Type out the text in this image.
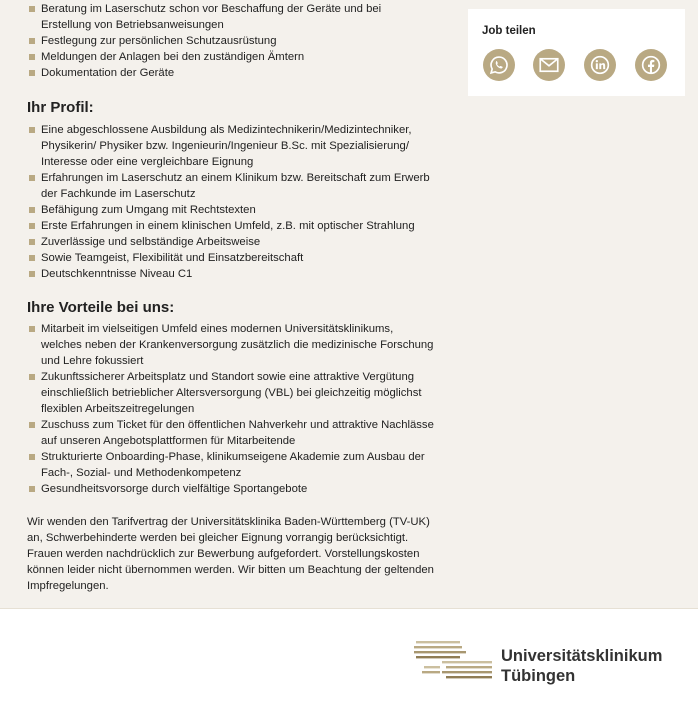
Beratung im Laserschutz schon vor Beschaffung der Geräte und bei Erstellung von Betriebsanweisungen
Festlegung zur persönlichen Schutzausrüstung
Meldungen der Anlagen bei den zuständigen Ämtern
Dokumentation der Geräte
Ihr Profil:
Eine abgeschlossene Ausbildung als Medizintechnikerin/Medizintechniker, Physikerin/ Physiker bzw. Ingenieurin/Ingenieur B.Sc. mit Spezialisierung/ Interesse oder eine vergleichbare Eignung
Erfahrungen im Laserschutz an einem Klinikum bzw. Bereitschaft zum Erwerb der Fachkunde im Laserschutz
Befähigung zum Umgang mit Rechtstexten
Erste Erfahrungen in einem klinischen Umfeld, z.B. mit optischer Strahlung
Zuverlässige und selbständige Arbeitsweise
Sowie Teamgeist, Flexibilität und Einsatzbereitschaft
Deutschkenntnisse Niveau C1
Ihre Vorteile bei uns:
Mitarbeit im vielseitigen Umfeld eines modernen Universitätsklinikums, welches neben der Krankenversorgung zusätzlich die medizinische Forschung und Lehre fokussiert
Zukunftssicherer Arbeitsplatz und Standort sowie eine attraktive Vergütung einschließlich betrieblicher Altersversorgung (VBL) bei gleichzeitig möglichst flexiblen Arbeitszeitregelungen
Zuschuss zum Ticket für den öffentlichen Nahverkehr und attraktive Nachlässe auf unseren Angebotsplattformen für Mitarbeitende
Strukturierte Onboarding-Phase, klinikumseigene Akademie zum Ausbau der Fach-, Sozial- und Methodenkompetenz
Gesundheitsvorsorge durch vielfältige Sportangebote

Wir wenden den Tarifvertrag der Universitätsklinika Baden-Württemberg (TV-UK) an, Schwerbehinderte werden bei gleicher Eignung vorrangig berücksichtigt. Frauen werden nachdrücklich zur Bewerbung aufgefordert. Vorstellungskosten können leider nicht übernommen werden. Wir bitten um Beachtung der geltenden Impfregelungen.

Job teilen
Universitätsklinikum
Tübingen
